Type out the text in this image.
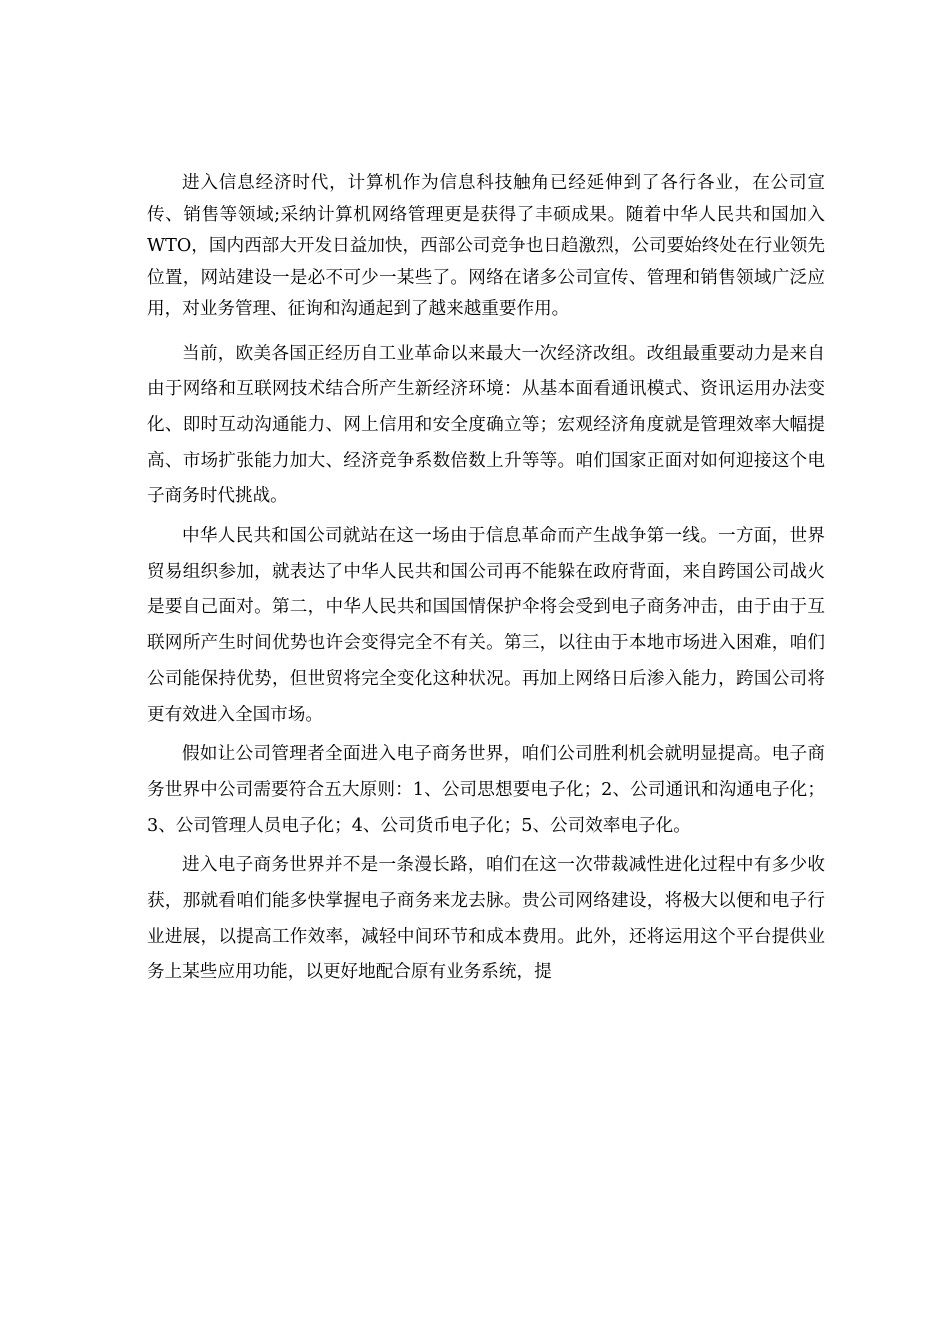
进入信息经济时代，计算机作为信息科技触角已经延伸到了各行各业，在公司宣传、销售等领域;采纳计算机网络管理更是获得了丰硕成果。随着中华人民共和国加入WTO，国内西部大开发日益加快，西部公司竞争也日趋激烈，公司要始终处在行业领先位置，网站建设一是必不可少一某些了。网络在诸多公司宣传、管理和销售领域广泛应用，对业务管理、征询和沟通起到了越来越重要作用。

当前，欧美各国正经历自工业革命以来最大一次经济改组。改组最重要动力是来自由于网络和互联网技术结合所产生新经济环境：从基本面看通讯模式、资讯运用办法变化、即时互动沟通能力、网上信用和安全度确立等；宏观经济角度就是管理效率大幅提高、市场扩张能力加大、经济竞争系数倍数上升等等。咱们国家正面对如何迎接这个电子商务时代挑战。

中华人民共和国公司就站在这一场由于信息革命而产生战争第一线。一方面，世界贸易组织参加，就表达了中华人民共和国公司再不能躲在政府背面，来自跨国公司战火是要自己面对。第二，中华人民共和国国情保护伞将会受到电子商务冲击，由于由于互联网所产生时间优势也许会变得完全不有关。第三，以往由于本地市场进入困难，咱们公司能保持优势，但世贸将完全变化这种状况。再加上网络日后渗入能力，跨国公司将更有效进入全国市场。

假如让公司管理者全面进入电子商务世界，咱们公司胜利机会就明显提高。电子商务世界中公司需要符合五大原则：1、公司思想要电子化；2、公司通讯和沟通电子化；3、公司管理人员电子化；4、公司货币电子化；5、公司效率电子化。

进入电子商务世界并不是一条漫长路，咱们在这一次带裁减性进化过程中有多少收获，那就看咱们能多快掌握电子商务来龙去脉。贵公司网络建设，将极大以便和电子行业进展，以提高工作效率，减轻中间环节和成本费用。此外，还将运用这个平台提供业务上某些应用功能，以更好地配合原有业务系统，提
